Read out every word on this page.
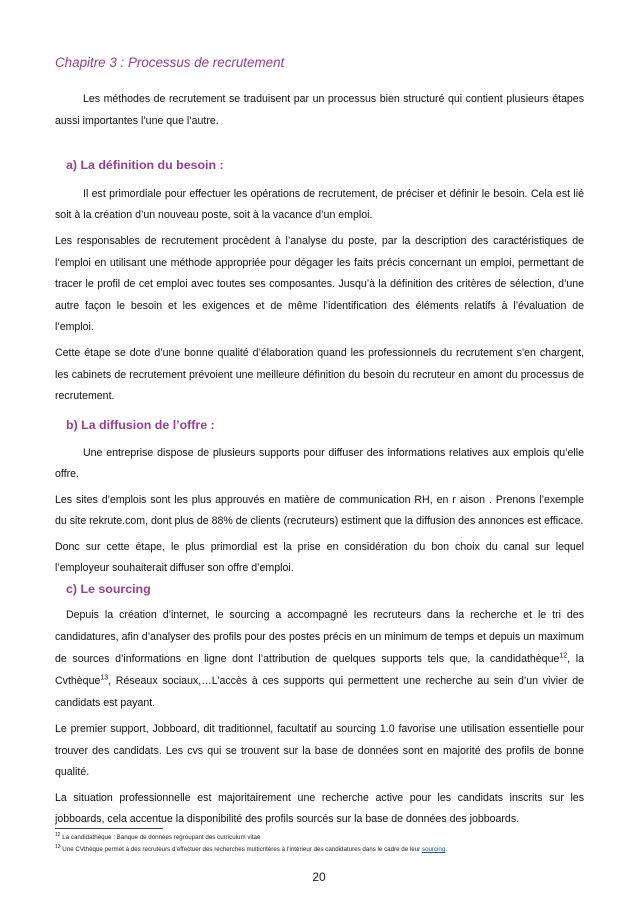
Chapitre 3 : Processus de recrutement
Les méthodes de recrutement se traduisent par un processus bien structuré qui contient plusieurs étapes
aussi importantes l’une que l’autre.
a) La définition du besoin :
Il est primordiale pour effectuer les opérations de recrutement, de préciser et définir le besoin. Cela est lié
soit à la création d’un nouveau poste, soit à la vacance d’un emploi.
Les responsables de recrutement procèdent à l’analyse du poste, par la description des caractéristiques de
l’emploi en utilisant une méthode appropriée pour dégager les faits précis concernant un emploi, permettant de
tracer le profil de cet emploi avec toutes ses composantes. Jusqu’à la définition des critères de sélection, d’une
autre façon le besoin et les exigences et de même l’identification des éléments relatifs à l’évaluation de
l’emploi.
Cette étape se dote d’une bonne qualité d’élaboration quand les professionnels du recrutement s’en chargent,
les cabinets de recrutement prévoient une meilleure définition du besoin du recruteur en amont du processus de
recrutement.
b) La diffusion de l’offre :
Une entreprise dispose de plusieurs supports pour diffuser des informations relatives aux emplois qu’elle
offre.
Les sites d’emplois sont les plus approuvés en matière de communication RH, en r aison . Prenons l’exemple
du site rekrute.com, dont plus de 88% de clients (recruteurs) estiment que la diffusion des annonces est efficace.
Donc sur cette étape, le plus primordial est la prise en considération du bon choix du canal sur lequel
l’employeur souhaiterait diffuser son offre d’emploi.
c) Le sourcing
Depuis la création d’internet, le sourcing a accompagné les recruteurs dans la recherche et le tri des
candidatures, afin d’analyser des profils pour des postes précis en un minimum de temps et depuis un maximum
de sources d’informations en ligne dont l’attribution de quelques supports tels que, la candidathèque$^{12}$, la
Cvthèque$^{13}$, Réseaux sociaux,…L’accès à ces supports qui permettent une recherche au sein d’un vivier de
candidats est payant.
Le premier support, Jobboard, dit traditionnel, facultatif au sourcing 1.0 favorise une utilisation essentielle pour
trouver des candidats. Les cvs qui se trouvent sur la base de données sont en majorité des profils de bonne
qualité.
La situation professionnelle est majoritairement une recherche active pour les candidats inscrits sur les
jobboards, cela accentue la disponibilité des profils sourcés sur la base de données des jobboards.
$^{12}$ La candidathèque : Banque de données regroupant des curriculum vitae
$^{13}$ Une CVthèque permet à des recruteurs d’effectuer des recherches multicritères à l’intérieur des candidatures dans le cadre de leur sourcing.
20
